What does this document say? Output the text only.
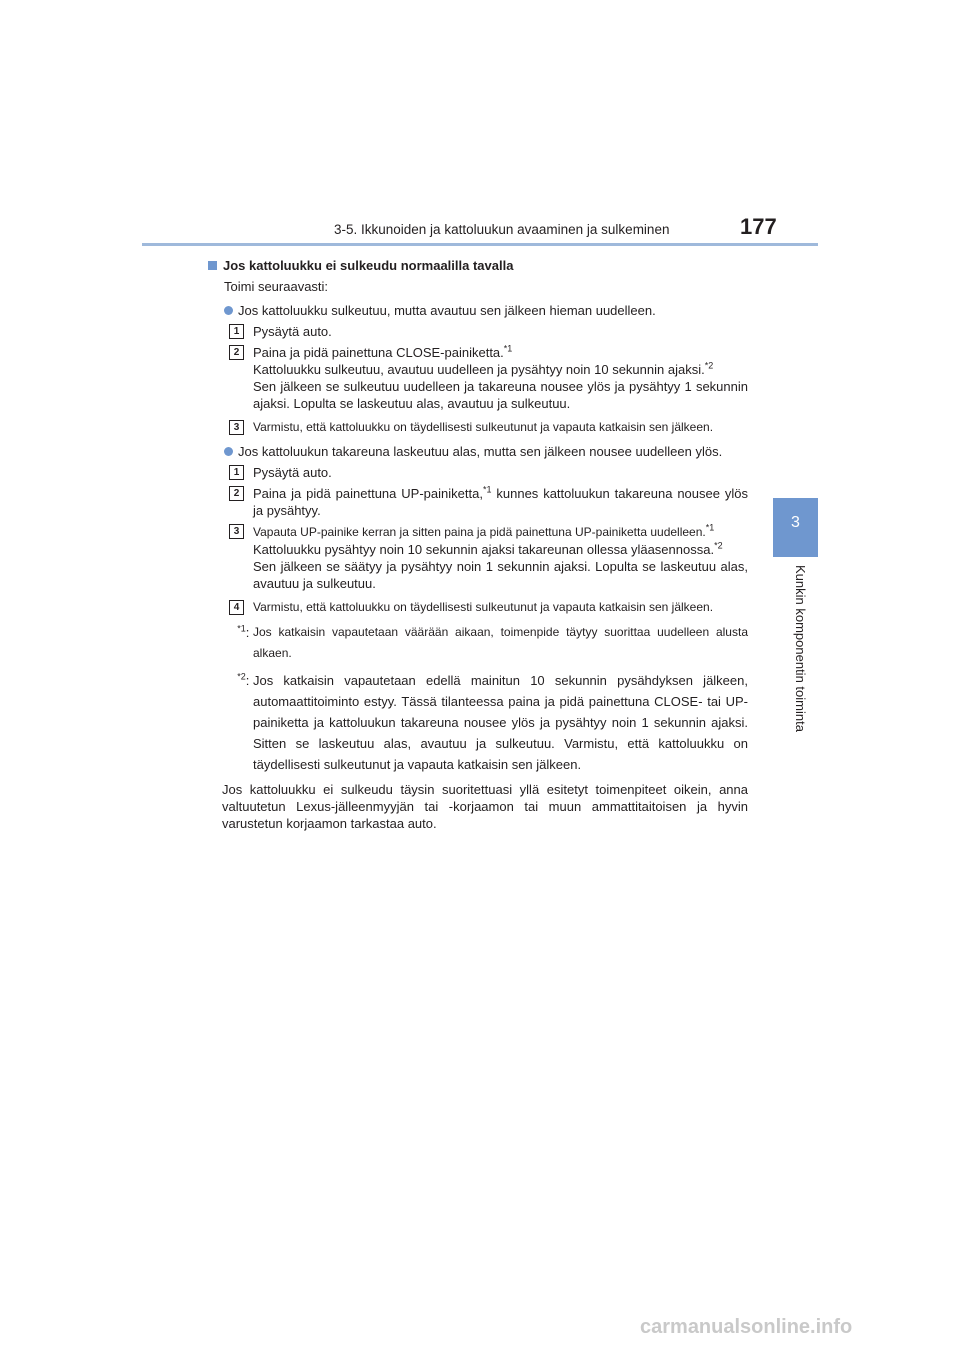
3-5. Ikkunoiden ja kattoluukun avaaminen ja sulkeminen	177
3
Kunkin komponentin toiminta
Jos kattoluukku ei sulkeudu normaalilla tavalla
Toimi seuraavasti:
Jos kattoluukku sulkeutuu, mutta avautuu sen jälkeen hieman uudelleen.
1	Pysäytä auto.
2	Paina ja pidä painettuna CLOSE-painiketta.$^{*1}$
Kattoluukku sulkeutuu, avautuu uudelleen ja pysähtyy noin 10 sekunnin ajaksi.$^{*2}$
Sen jälkeen se sulkeutuu uudelleen ja takareuna nousee ylös ja pysähtyy 1 sekunnin ajaksi. Lopulta se laskeutuu alas, avautuu ja sulkeutuu.
3	Varmistu, että kattoluukku on täydellisesti sulkeutunut ja vapauta katkaisin sen jälkeen.
Jos kattoluukun takareuna laskeutuu alas, mutta sen jälkeen nousee uudelleen ylös.
1	Pysäytä auto.
2	Paina ja pidä painettuna UP-painiketta,$^{*1}$ kunnes kattoluukun takareuna nousee ylös ja pysähtyy.
3	Vapauta UP-painike kerran ja sitten paina ja pidä painettuna UP-painiketta uudelleen.$^{*1}$
Kattoluukku pysähtyy noin 10 sekunnin ajaksi takareunan ollessa yläasennossa.$^{*2}$
Sen jälkeen se säätyy ja pysähtyy noin 1 sekunnin ajaksi. Lopulta se laskeutuu alas, avautuu ja sulkeutuu.
4	Varmistu, että kattoluukku on täydellisesti sulkeutunut ja vapauta katkaisin sen jälkeen.
$^{*1}$: Jos katkaisin vapautetaan väärään aikaan, toimenpide täytyy suorittaa uudelleen alusta alkaen.
$^{*2}$: Jos katkaisin vapautetaan edellä mainitun 10 sekunnin pysähdyksen jälkeen, automaattitoiminto estyy. Tässä tilanteessa paina ja pidä painettuna CLOSE- tai UP-painiketta ja kattoluukun takareuna nousee ylös ja pysähtyy noin 1 sekunnin ajaksi. Sitten se laskeutuu alas, avautuu ja sulkeutuu. Varmistu, että kattoluukku on täydellisesti sulkeutunut ja vapauta katkaisin sen jälkeen.
Jos kattoluukku ei sulkeudu täysin suoritettuasi yllä esitetyt toimenpiteet oikein, anna valtuutetun Lexus-jälleenmyyjän tai -korjaamon tai muun ammattitaitoisen ja hyvin varustetun korjaamon tarkastaa auto.
carmanualsonline.info
